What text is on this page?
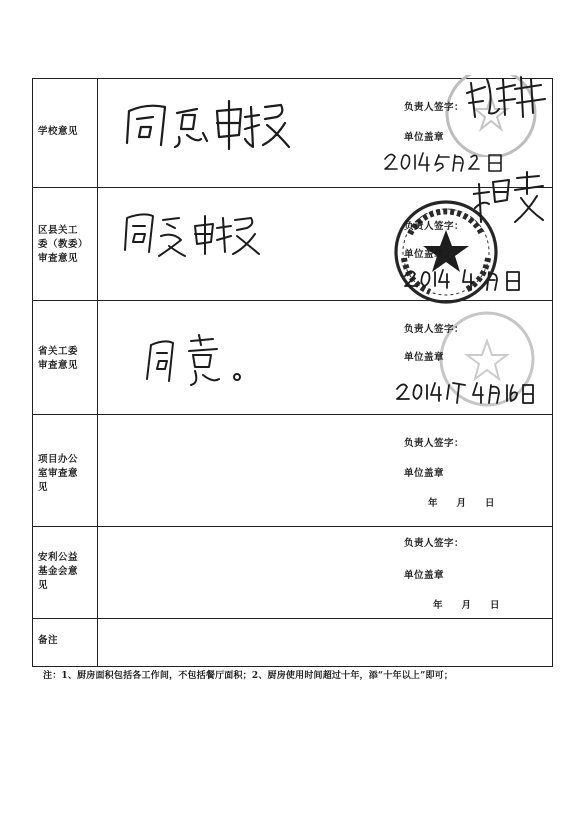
学校意见
负责人签字：
单位盖章
区县关工
委（教委）
审查意见
负责人签字：
单位盖章
省关工委
审查意见
负责人签字：
单位盖章
项目办公
室审查意
见
负责人签字：
单位盖章
年　　月　　日
安利公益
基金会意
见
负责人签字：
单位盖章
年　　月　　日
备注
注：1、厨房面积包括各工作间，不包括餐厅面积；2、厨房使用时间超过十年，添“十年以上”即可；
